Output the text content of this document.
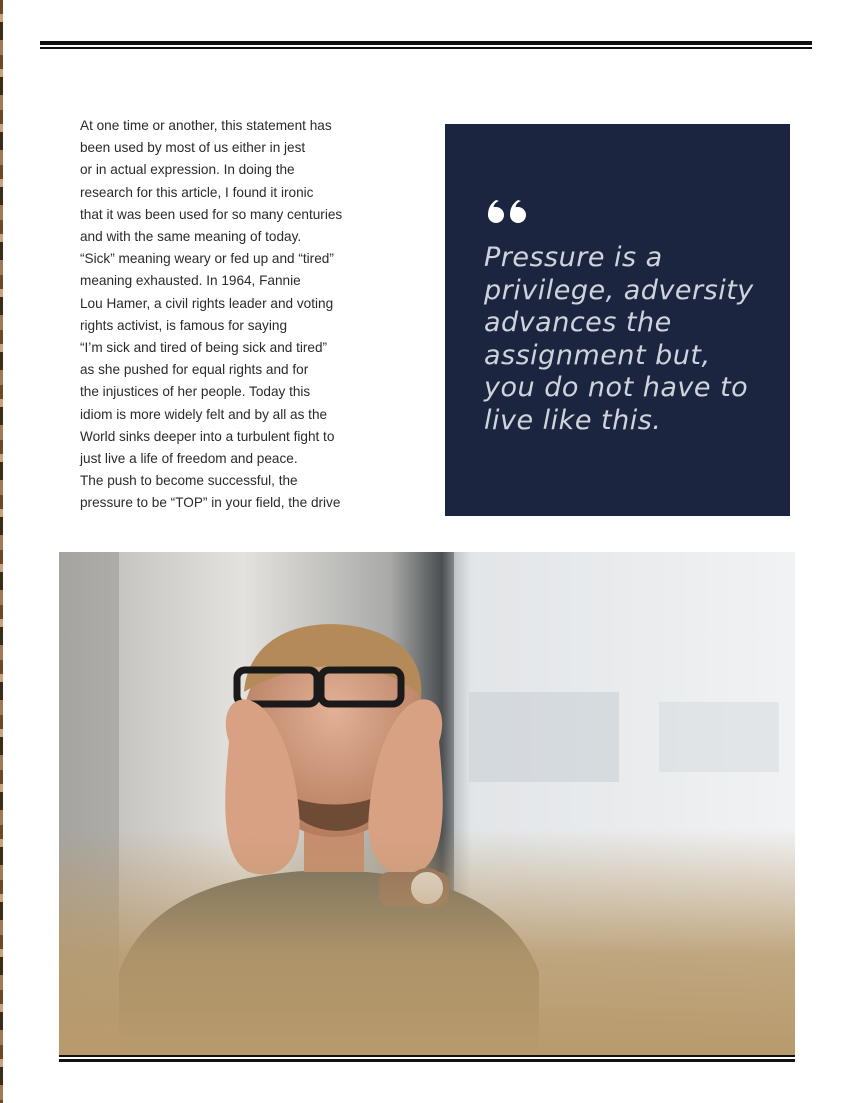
At one time or another, this statement has
been used by most of us either in jest
or in actual expression. In doing the
research for this article, I found it ironic
that it was been used for so many centuries
and with the same meaning of today.
“Sick” meaning weary or fed up and “tired”
meaning exhausted. In 1964, Fannie
Lou Hamer, a civil rights leader and voting
rights activist, is famous for saying
“I’m sick and tired of being sick and tired”
as she pushed for equal rights and for
the injustices of her people. Today this
idiom is more widely felt and by all as the
World sinks deeper into a turbulent fight to
just live a life of freedom and peace.
The push to become successful, the
pressure to be “TOP” in your field, the drive

Pressure is a
privilege, adversity
advances the
assignment but,
you do not have to
live like this.
